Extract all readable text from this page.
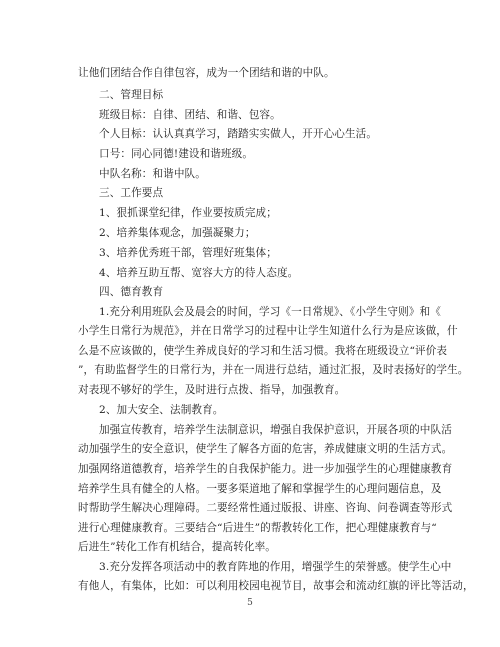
让他们团结合作自律包容，成为一个团结和谐的中队。
二、管理目标
班级目标：自律、团结、和谐、包容。
个人目标：认认真真学习，踏踏实实做人，开开心心生活。
口号：同心同德!建设和谐班级。
中队名称：和谐中队。
三、工作要点
1、狠抓课堂纪律，作业要按质完成；
2、培养集体观念，加强凝聚力；
3、培养优秀班干部，管理好班集体；
4、培养互助互帮、宽容大方的待人态度。
四、德育教育
1.充分利用班队会及晨会的时间，学习《一日常规》、《小学生守则》和《
小学生日常行为规范》，并在日常学习的过程中让学生知道什么行为是应该做，什
么是不应该做的，使学生养成良好的学习和生活习惯。我将在班级设立“评价表
”，有助监督学生的日常行为，并在一周进行总结，通过汇报，及时表扬好的学生。
对表现不够好的学生，及时进行点拨、指导，加强教育。
2、加大安全、法制教育。
加强宣传教育，培养学生法制意识，增强自我保护意识，开展各项的中队活
动加强学生的安全意识，使学生了解各方面的危害，养成健康文明的生活方式。
加强网络道德教育，培养学生的自我保护能力。进一步加强学生的心理健康教育
培养学生具有健全的人格。一要多渠道地了解和掌握学生的心理问题信息，及
时帮助学生解决心理障碍。二要经常性通过版报、讲座、咨询、问卷调查等形式
进行心理健康教育。三要结合“后进生”的帮教转化工作，把心理健康教育与“
后进生”转化工作有机结合，提高转化率。
3.充分发挥各项活动中的教育阵地的作用，增强学生的荣誉感。使学生心中
有他人，有集体，比如：可以利用校园电视节目，故事会和流动红旗的评比等活动，
5
